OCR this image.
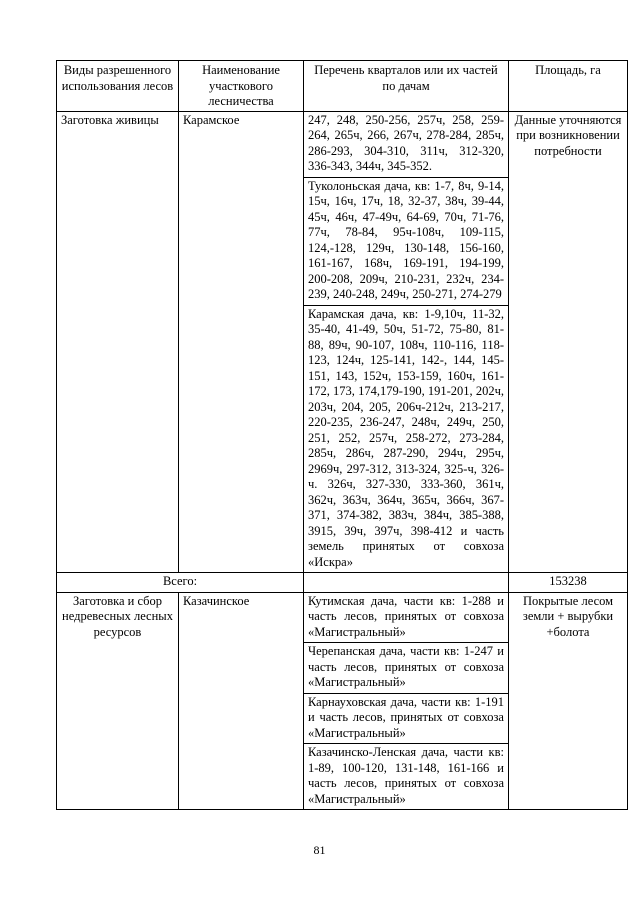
Виды разрешенного использования лесов	Наименование участкового лесничества	Перечень кварталов или их частей по дачам	Площадь, га
Заготовка живицы	Карамское	247, 248, 250-256, 257ч, 258, 259-264, 265ч, 266, 267ч, 278-284, 285ч, 286-293, 304-310, 311ч, 312-320, 336-343, 344ч, 345-352.	Данные уточняются при возникновении потребности
		Туколоньская дача, кв: 1-7, 8ч, 9-14, 15ч, 16ч, 17ч, 18, 32-37, 38ч, 39-44, 45ч, 46ч, 47-49ч, 64-69, 70ч, 71-76, 77ч, 78-84, 95ч-108ч, 109-115, 124,-128, 129ч, 130-148, 156-160, 161-167, 168ч, 169-191, 194-199, 200-208, 209ч, 210-231, 232ч, 234-239, 240-248, 249ч, 250-271, 274-279	
		Карамская дача, кв: 1-9,10ч, 11-32, 35-40, 41-49, 50ч, 51-72, 75-80, 81-88, 89ч, 90-107, 108ч, 110-116, 118-123, 124ч, 125-141, 142-, 144, 145-151, 143, 152ч, 153-159, 160ч, 161-172, 173, 174,179-190, 191-201, 202ч, 203ч, 204, 205, 206ч-212ч, 213-217, 220-235, 236-247, 248ч, 249ч, 250, 251, 252, 257ч, 258-272, 273-284, 285ч, 286ч, 287-290, 294ч, 295ч, 2969ч, 297-312, 313-324, 325-ч, 326-ч. 326ч, 327-330, 333-360, 361ч, 362ч, 363ч, 364ч, 365ч, 366ч, 367-371, 374-382, 383ч, 384ч, 385-388, 3915, 39ч, 397ч, 398-412 и часть земель принятых от совхоза «Искра»	
Всего:			153238
Заготовка и сбор недревесных лесных ресурсов	Казачинское	Кутимская дача, части кв: 1-288 и часть лесов, принятых от совхоза «Магистральный»	Покрытые лесом земли + вырубки +болота
		Черепанская дача, части кв: 1-247 и часть лесов, принятых от совхоза «Магистральный»	
		Карнауховская дача, части кв: 1-191 и часть лесов, принятых от совхоза «Магистральный»	
		Казачинско-Ленская дача, части кв: 1-89, 100-120, 131-148, 161-166 и часть лесов, принятых от совхоза «Магистральный»	
81
